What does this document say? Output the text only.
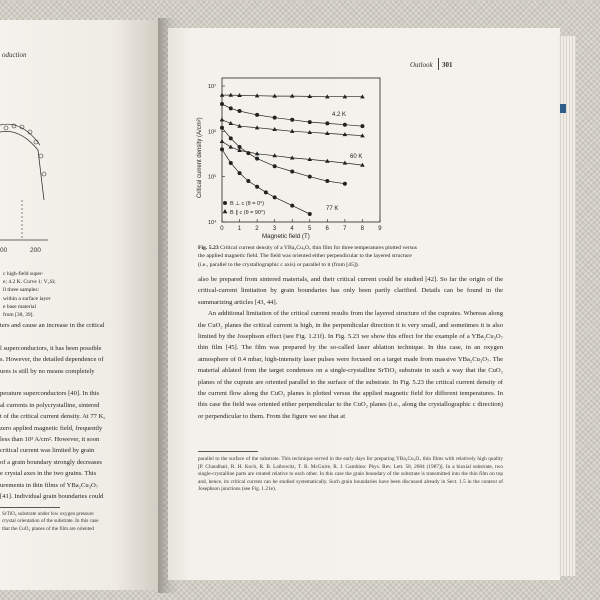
oduction
00	200
c high-field super-
e; 4.2 K. Curve 1: V₃Si;
ll three samples:
within a surface layer
e base material
from [38, 39].
ters and cause an increase in the critical

l superconductors, it has been possible
s. However, the detailed dependence of
ures is still by no means completely

perature superconductors [40]. In this
al currents in polycrystalline, sintered
t of the critical current density. At 77 K,
zero applied magnetic field, frequently
less than 10³ A/cm². However, it soon
critical current was limited by grain
of a grain boundary strongly decreases
e crystal axes in the two grains. This
urements in thin films of YBa₂Cu₃O₇
[41]. Individual grain boundaries could
SrTiO₃ substrate under low oxygen pressure
crystal orientation of the substrate. In this case
that the CuO₂ planes of the film are oriented
Outlook 301
0 1 2 3 4 5 6 7 8 9
10⁴
10⁵
10⁶
10⁷
Critical current density (A/cm²)
Magnetic field (T)
4.2 K
60 K
77 K
B ⊥ c (θ = 0°)
B ∥ c (θ = 90°)
Fig. 5.23 Critical current density of a YBa₂Cu₃O₇ thin film for three temperatures plotted versus the applied magnetic field. The field was oriented either perpendicular to the layered structure (i.e., parallel to the crystallographic c axis) or parallel to it (from [45]).

also be prepared from sintered materials, and their critical current could be studied [42]. So far the origin of the critical-current limitation by grain boundaries has only been partly clarified. Details can be found in the summarizing articles [43, 44].

An additional limitation of the critical current results from the layered structure of the cuprates. Whereas along the CuO₂ planes the critical current is high, in the perpendicular direction it is very small, and sometimes it is also limited by the Josephson effect (see Fig. 1.21f). In Fig. 5.23 we show this effect for the example of a YBa₂Cu₃O₇ thin film [45]. The film was prepared by the so-called laser ablation technique. In this case, in an oxygen atmosphere of 0.4 mbar, high-intensity laser pulses were focused on a target made from massive YBa₂Cu₃O₇. The material ablated from the target condenses on a single-crystalline SrTiO₃ substrate in such a way that the CuO₂ planes of the cuprate are oriented parallel to the surface of the substrate. In Fig. 5.23 the critical current density of the current flow along the CuO₂ planes is plotted versus the applied magnetic field for different temperatures. In this case the field was oriented either perpendicular to the CuO₂ planes (i.e., along the crystallographic c direction) or perpendicular to them. From the figure we see that at

parallel to the surface of the substrate. This technique served in the early days for preparing YBa₂Cu₃O₇ thin films with relatively high quality [P. Chaudhari, R. H. Koch, R. B. Laibowitz, T. R. McGuire, R. J. Gambino: Phys. Rev. Lett. 58, 2684 (1987)]. In a biaxial substrate, two single-crystalline parts are rotated relative to each other. In this case the grain boundary of the substrate is transmitted into the thin film on top and, hence, its critical current can be studied systematically. Such grain boundaries have been discussed already in Sect. 1.5 in the context of Josephson junctions (see Fig. 1.21e).
